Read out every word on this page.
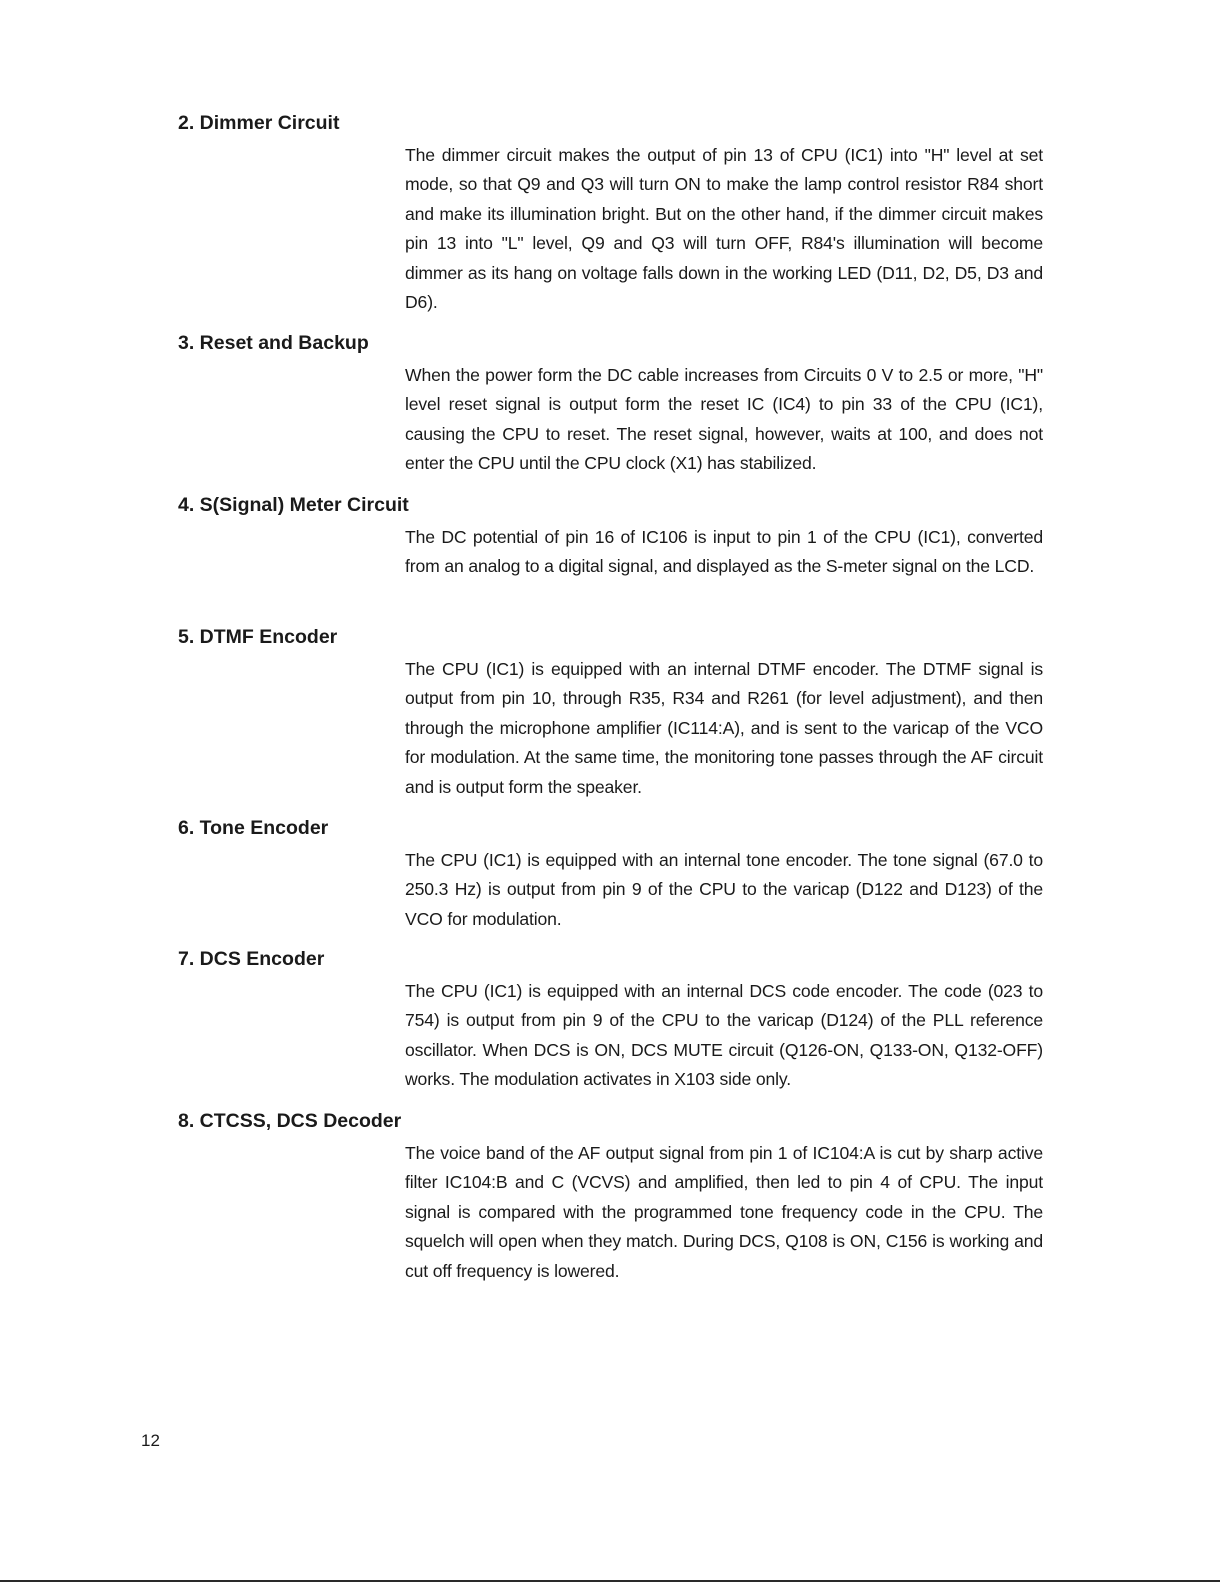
2. Dimmer Circuit

The dimmer circuit makes the output of pin 13 of CPU (IC1) into "H" level at set mode, so that Q9 and Q3 will turn ON to make the lamp control resistor R84 short and make its illumination bright. But on the other hand, if the dimmer circuit makes pin 13 into "L" level, Q9 and Q3 will turn OFF, R84's illumination will become dimmer as its hang on voltage falls down in the working LED (D11, D2, D5, D3 and D6).

3. Reset and Backup

When the power form the DC cable increases from Circuits 0 V to 2.5 or more, "H" level reset signal is output form the reset IC (IC4) to pin 33 of the CPU (IC1), causing the CPU to reset. The reset signal, however, waits at 100, and does not enter the CPU until the CPU clock (X1) has stabilized.

4. S(Signal) Meter Circuit

The DC potential of pin 16 of IC106 is input to pin 1 of the CPU (IC1), converted from an analog to a digital signal, and displayed as the S-meter signal on the LCD.

5. DTMF Encoder

The CPU (IC1) is equipped with an internal DTMF encoder. The DTMF signal is output from pin 10, through R35, R34 and R261 (for level adjustment), and then through the microphone amplifier (IC114:A), and is sent to the varicap of the VCO for modulation. At the same time, the monitoring tone passes through the AF circuit and is output form the speaker.

6. Tone Encoder

The CPU (IC1) is equipped with an internal tone encoder. The tone signal (67.0 to 250.3 Hz) is output from pin 9 of the CPU to the varicap (D122 and D123) of the VCO for modulation.

7. DCS Encoder

The CPU (IC1) is equipped with an internal DCS code encoder. The code (023 to 754) is output from pin 9 of the CPU to the varicap (D124) of the PLL reference oscillator. When DCS is ON, DCS MUTE circuit (Q126-ON, Q133-ON, Q132-OFF) works. The modulation activates in X103 side only.

8. CTCSS, DCS Decoder

The voice band of the AF output signal from pin 1 of IC104:A is cut by sharp active filter IC104:B and C (VCVS) and amplified, then led to pin 4 of CPU. The input signal is compared with the programmed tone frequency code in the CPU. The squelch will open when they match. During DCS, Q108 is ON, C156 is working and cut off frequency is lowered.

12
